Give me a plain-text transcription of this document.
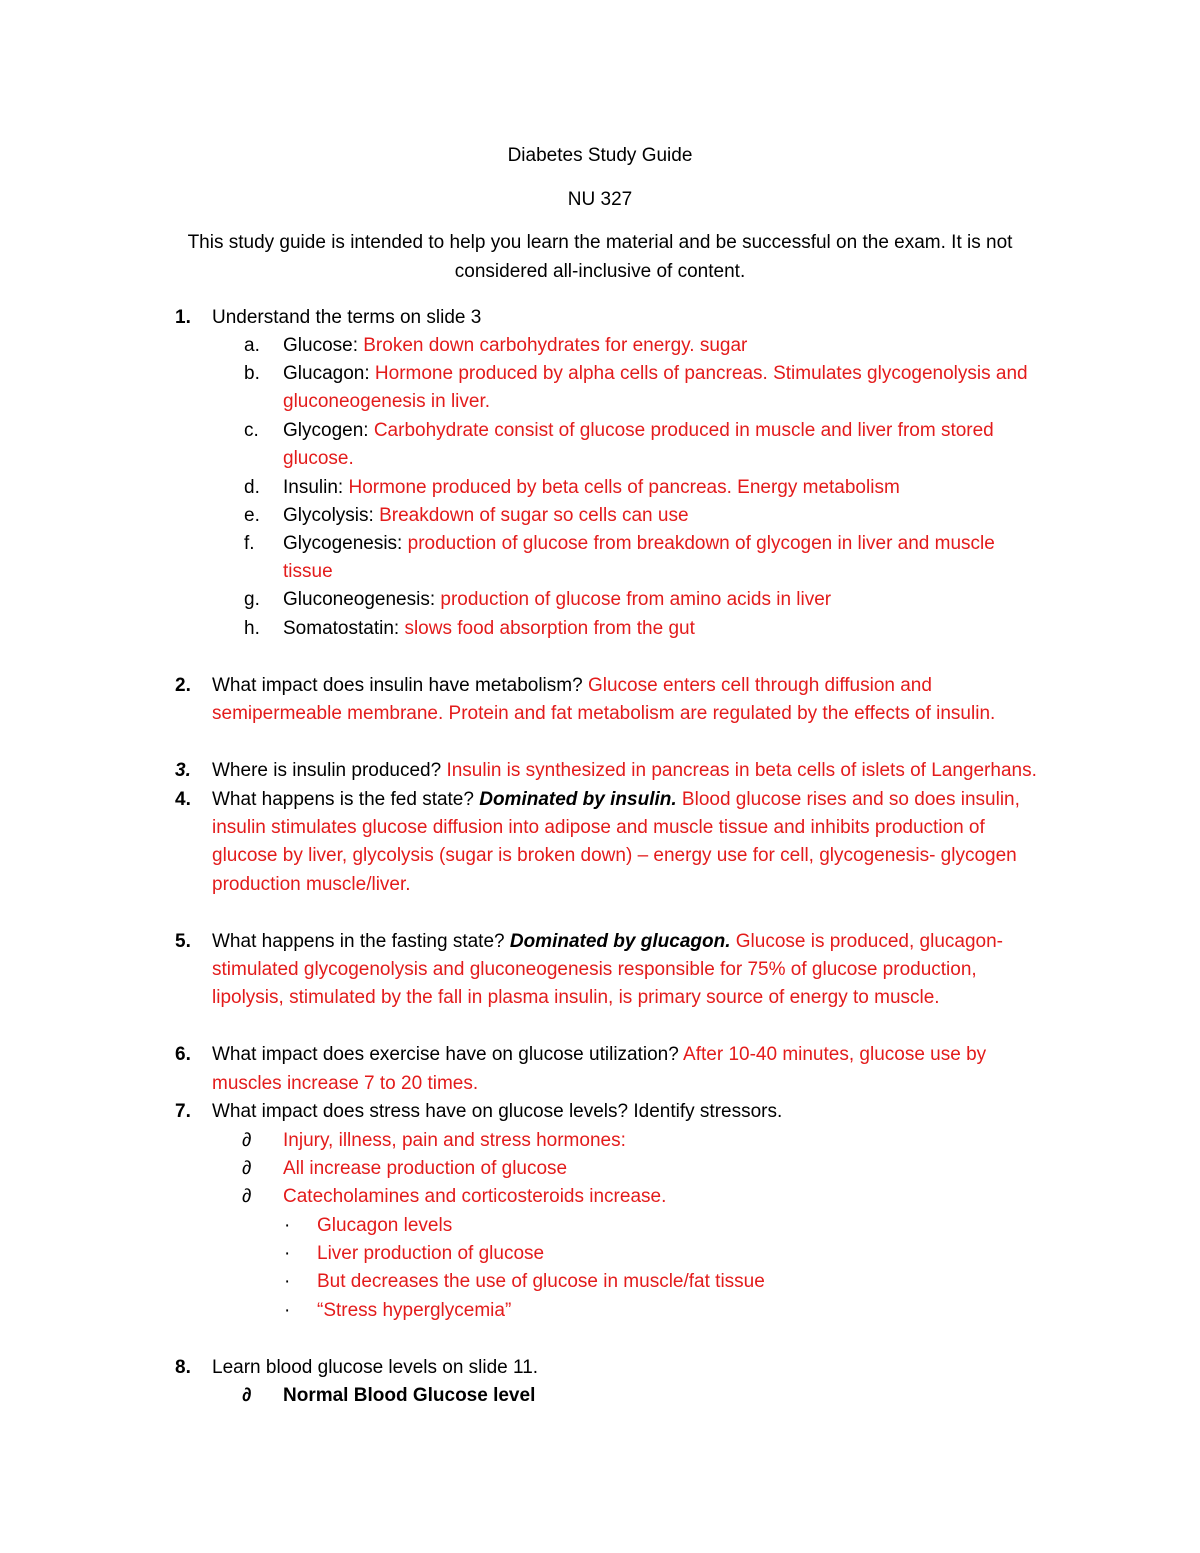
Diabetes Study Guide
NU 327
This study guide is intended to help you learn the material and be successful on the exam. It is not
considered all-inclusive of content.
1. Understand the terms on slide 3
a. Glucose: Broken down carbohydrates for energy. sugar
b. Glucagon: Hormone produced by alpha cells of pancreas. Stimulates glycogenolysis and
gluconeogenesis in liver.
c. Glycogen: Carbohydrate consist of glucose produced in muscle and liver from stored
glucose.
d. Insulin: Hormone produced by beta cells of pancreas. Energy metabolism
e. Glycolysis: Breakdown of sugar so cells can use
f. Glycogenesis: production of glucose from breakdown of glycogen in liver and muscle
tissue
g. Gluconeogenesis: production of glucose from amino acids in liver
h. Somatostatin: slows food absorption from the gut
2. What impact does insulin have metabolism? Glucose enters cell through diffusion and
semipermeable membrane. Protein and fat metabolism are regulated by the effects of insulin.
3. Where is insulin produced? Insulin is synthesized in pancreas in beta cells of islets of Langerhans.
4. What happens is the fed state? Dominated by insulin. Blood glucose rises and so does insulin,
insulin stimulates glucose diffusion into adipose and muscle tissue and inhibits production of
glucose by liver, glycolysis (sugar is broken down) – energy use for cell, glycogenesis- glycogen
production muscle/liver.
5. What happens in the fasting state? Dominated by glucagon. Glucose is produced, glucagon-
stimulated glycogenolysis and gluconeogenesis responsible for 75% of glucose production,
lipolysis, stimulated by the fall in plasma insulin, is primary source of energy to muscle.
6. What impact does exercise have on glucose utilization? After 10-40 minutes, glucose use by
muscles increase 7 to 20 times.
7. What impact does stress have on glucose levels? Identify stressors.
∂ Injury, illness, pain and stress hormones:
∂ All increase production of glucose
∂ Catecholamines and corticosteroids increase.
· Glucagon levels
· Liver production of glucose
· But decreases the use of glucose in muscle/fat tissue
· “Stress hyperglycemia”
8. Learn blood glucose levels on slide 11.
∂ Normal Blood Glucose level
